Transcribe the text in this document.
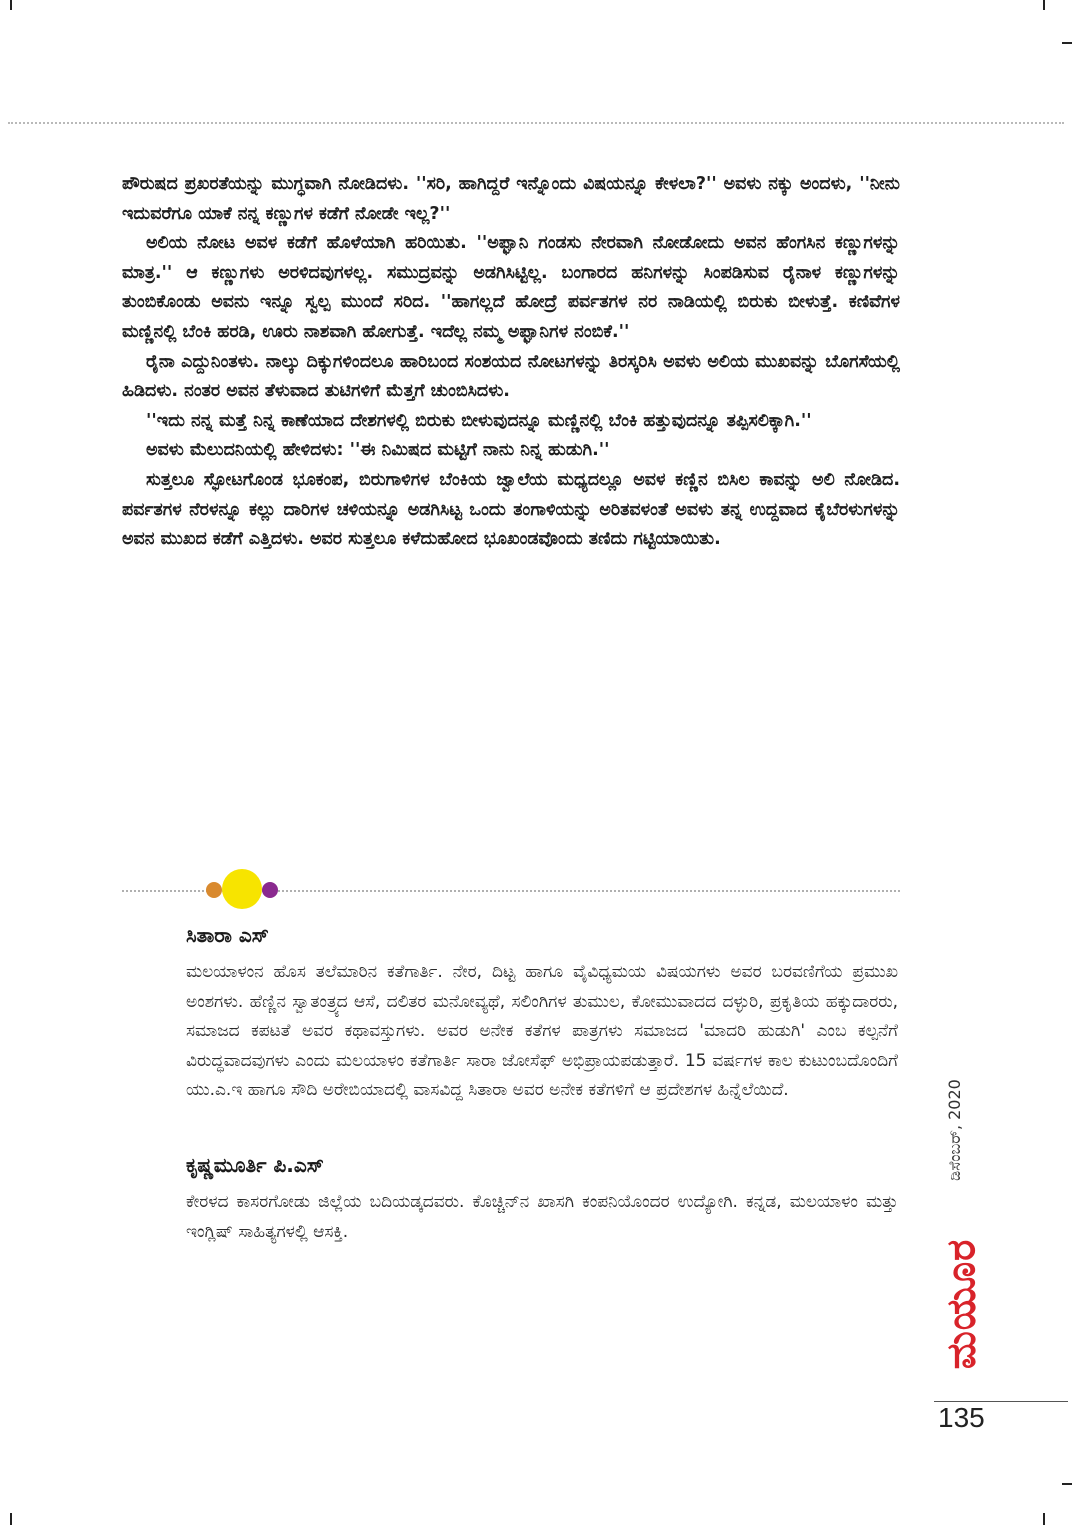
ಪೌರುಷದ ಪ್ರಖರತೆಯನ್ನು ಮುಗ್ಧವಾಗಿ ನೋಡಿದಳು. ''ಸರಿ, ಹಾಗಿದ್ದರೆ ಇನ್ನೊಂದು ವಿಷಯನ್ನೂ ಕೇಳಲಾ?'' ಅವಳು ನಕ್ಕು ಅಂದಳು, ''ನೀನು ಇದುವರೆಗೂ ಯಾಕೆ ನನ್ನ ಕಣ್ಣುಗಳ ಕಡೆಗೆ ನೋಡೇ ಇಲ್ಲ?''

ಅಲಿಯ ನೋಟ ಅವಳ ಕಡೆಗೆ ಹೊಳೆಯಾಗಿ ಹರಿಯಿತು. ''ಅಫ್ಘಾನಿ ಗಂಡಸು ನೇರವಾಗಿ ನೋಡೋದು ಅವನ ಹೆಂಗಸಿನ ಕಣ್ಣುಗಳನ್ನು ಮಾತ್ರ.'' ಆ ಕಣ್ಣುಗಳು ಅರಳಿದವುಗಳಲ್ಲ. ಸಮುದ್ರವನ್ನು ಅಡಗಿಸಿಟ್ಟಿಲ್ಲ. ಬಂಗಾರದ ಹನಿಗಳನ್ನು ಸಿಂಪಡಿಸುವ ರೈನಾಳ ಕಣ್ಣುಗಳನ್ನು ತುಂಬಿಕೊಂಡು ಅವನು ಇನ್ನೂ ಸ್ವಲ್ಪ ಮುಂದೆ ಸರಿದ. ''ಹಾಗಲ್ಲದೆ ಹೋದ್ರೆ ಪರ್ವತಗಳ ನರ ನಾಡಿಯಲ್ಲಿ ಬಿರುಕು ಬೀಳುತ್ತೆ. ಕಣಿವೆಗಳ ಮಣ್ಣಿನಲ್ಲಿ ಬೆಂಕಿ ಹರಡಿ, ಊರು ನಾಶವಾಗಿ ಹೋಗುತ್ತೆ. ಇದೆಲ್ಲ ನಮ್ಮ ಅಫ್ಘಾನಿಗಳ ನಂಬಿಕೆ.''

ರೈನಾ ಎದ್ದುನಿಂತಳು. ನಾಲ್ಕು ದಿಕ್ಕುಗಳಿಂದಲೂ ಹಾರಿಬಂದ ಸಂಶಯದ ನೋಟಗಳನ್ನು ತಿರಸ್ಕರಿಸಿ ಅವಳು ಅಲಿಯ ಮುಖವನ್ನು ಬೊಗಸೆಯಲ್ಲಿ ಹಿಡಿದಳು. ನಂತರ ಅವನ ತೆಳುವಾದ ತುಟಿಗಳಿಗೆ ಮೆತ್ತಗೆ ಚುಂಬಿಸಿದಳು.

''ಇದು ನನ್ನ ಮತ್ತೆ ನಿನ್ನ ಕಾಣೆಯಾದ ದೇಶಗಳಲ್ಲಿ ಬಿರುಕು ಬೀಳುವುದನ್ನೂ ಮಣ್ಣಿನಲ್ಲಿ ಬೆಂಕಿ ಹತ್ತುವುದನ್ನೂ ತಪ್ಪಿಸಲಿಕ್ಕಾಗಿ.''

ಅವಳು ಮೆಲುದನಿಯಲ್ಲಿ ಹೇಳಿದಳು: ''ಈ ನಿಮಿಷದ ಮಟ್ಟಿಗೆ ನಾನು ನಿನ್ನ ಹುಡುಗಿ.''

ಸುತ್ತಲೂ ಸ್ಫೋಟಗೊಂಡ ಭೂಕಂಪ, ಬಿರುಗಾಳಿಗಳ ಬೆಂಕಿಯ ಜ್ವಾಲೆಯ ಮಧ್ಯದಲ್ಲೂ ಅವಳ ಕಣ್ಣಿನ ಬಿಸಿಲ ಕಾವನ್ನು ಅಲಿ ನೋಡಿದ. ಪರ್ವತಗಳ ನೆರಳನ್ನೂ ಕಲ್ಲು ದಾರಿಗಳ ಚಳಿಯನ್ನೂ ಅಡಗಿಸಿಟ್ಟ ಒಂದು ತಂಗಾಳಿಯನ್ನು ಅರಿತವಳಂತೆ ಅವಳು ತನ್ನ ಉದ್ದವಾದ ಕೈಬೆರಳುಗಳನ್ನು ಅವನ ಮುಖದ ಕಡೆಗೆ ಎತ್ತಿದಳು. ಅವರ ಸುತ್ತಲೂ ಕಳೆದುಹೋದ ಭೂಖಂಡವೊಂದು ತಣಿದು ಗಟ್ಟಿಯಾಯಿತು.

ಸಿತಾರಾ ಎಸ್

ಮಲಯಾಳಂನ ಹೊಸ ತಲೆಮಾರಿನ ಕತೆಗಾರ್ತಿ. ನೇರ, ದಿಟ್ಟ ಹಾಗೂ ವೈವಿಧ್ಯಮಯ ವಿಷಯಗಳು ಅವರ ಬರವಣಿಗೆಯ ಪ್ರಮುಖ ಅಂಶಗಳು. ಹೆಣ್ಣಿನ ಸ್ವಾತಂತ್ರ್ಯದ ಆಸೆ, ದಲಿತರ ಮನೋವ್ಯಥೆ, ಸಲಿಂಗಿಗಳ ತುಮುಲ, ಕೋಮುವಾದದ ದಳ್ಳುರಿ, ಪ್ರಕೃತಿಯ ಹಕ್ಕುದಾರರು, ಸಮಾಜದ ಕಪಟತೆ ಅವರ ಕಥಾವಸ್ತುಗಳು. ಅವರ ಅನೇಕ ಕತೆಗಳ ಪಾತ್ರಗಳು ಸಮಾಜದ 'ಮಾದರಿ ಹುಡುಗಿ' ಎಂಬ ಕಲ್ಪನೆಗೆ ವಿರುದ್ಧವಾದವುಗಳು ಎಂದು ಮಲಯಾಳಂ ಕತೆಗಾರ್ತಿ ಸಾರಾ ಜೋಸೆಫ್ ಅಭಿಪ್ರಾಯಪಡುತ್ತಾರೆ. 15 ವರ್ಷಗಳ ಕಾಲ ಕುಟುಂಬದೊಂದಿಗೆ ಯು.ಎ.ಇ ಹಾಗೂ ಸೌದಿ ಅರೇಬಿಯಾದಲ್ಲಿ ವಾಸವಿದ್ದ ಸಿತಾರಾ ಅವರ ಅನೇಕ ಕತೆಗಳಿಗೆ ಆ ಪ್ರದೇಶಗಳ ಹಿನ್ನೆಲೆಯಿದೆ.

ಕೃಷ್ಣಮೂರ್ತಿ ಪಿ.ಎಸ್

ಕೇರಳದ ಕಾಸರಗೋಡು ಜಿಲ್ಲೆಯ ಬದಿಯಡ್ಕದವರು. ಕೊಚ್ಚಿನ್‌ನ ಖಾಸಗಿ ಕಂಪನಿಯೊಂದರ ಉದ್ಯೋಗಿ. ಕನ್ನಡ, ಮಲಯಾಳಂ ಮತ್ತು ಇಂಗ್ಲಿಷ್ ಸಾಹಿತ್ಯಗಳಲ್ಲಿ ಆಸಕ್ತಿ.

ಡಿಸೆಂಬರ್, 2020
ಮಯೂರ
135
